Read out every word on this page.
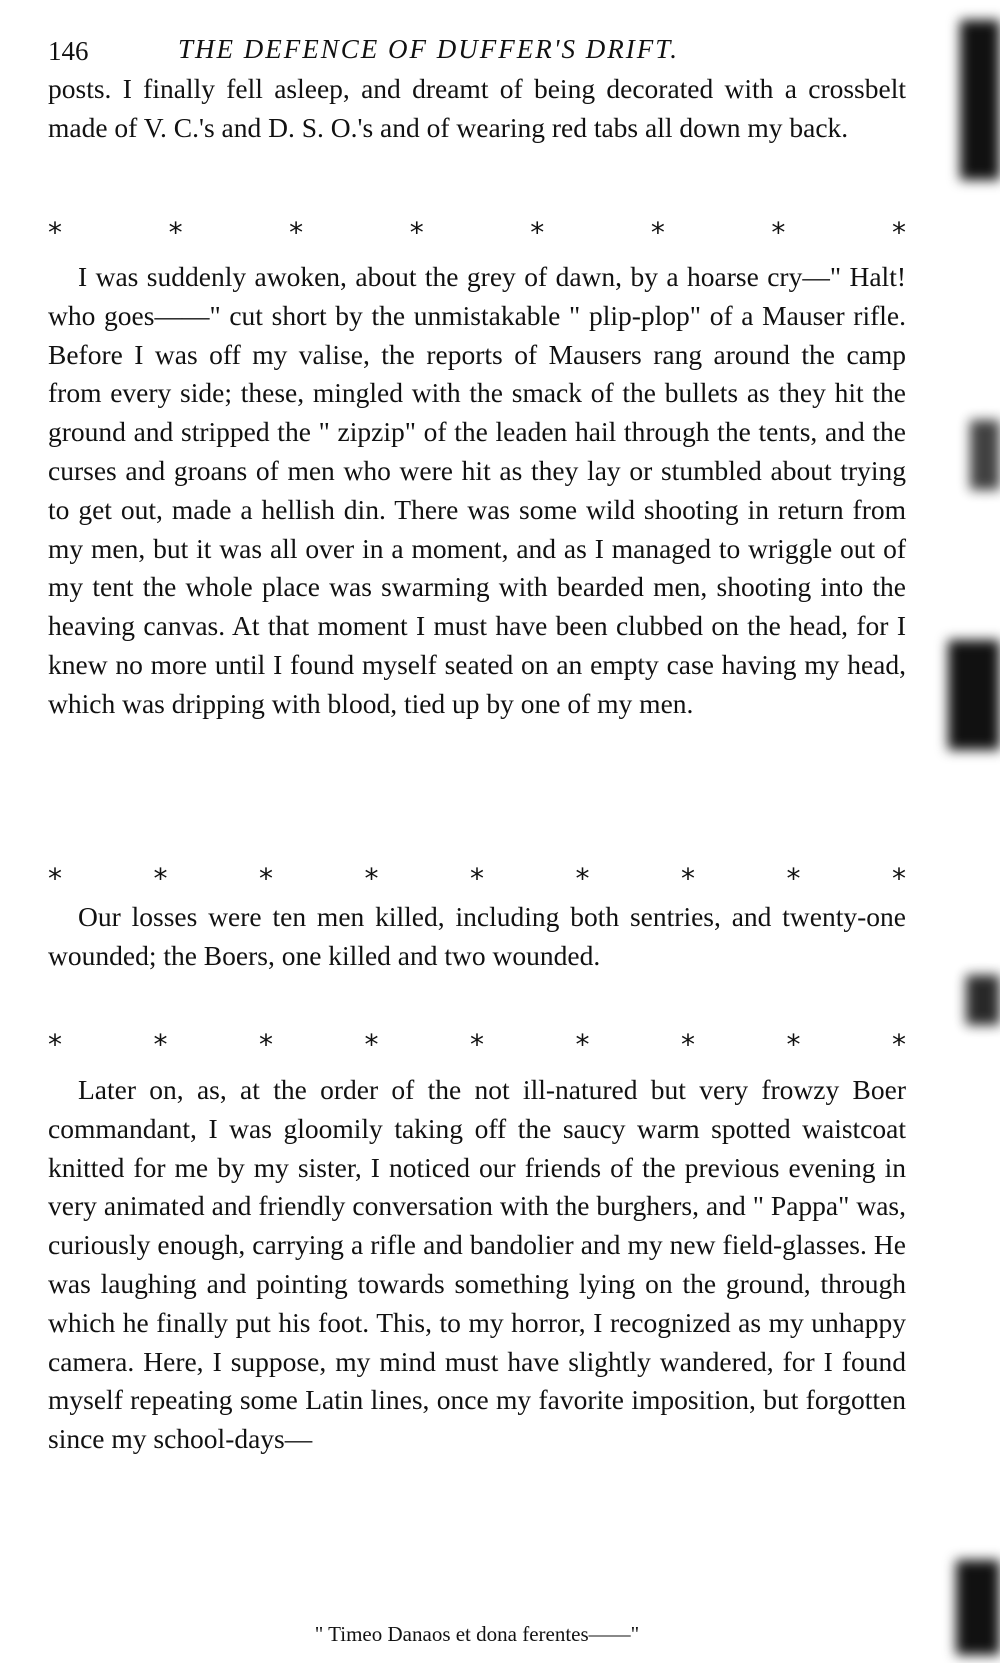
146	THE DEFENCE OF DUFFER'S DRIFT.

posts. I finally fell asleep, and dreamt of being decorated with a crossbelt made of V. C.'s and D. S. O.'s and of wearing red tabs all down my back.

*	*	*	*	*	*	*	*

I was suddenly awoken, about the grey of dawn, by a hoarse cry—" Halt! who goes——" cut short by the unmistakable " plip-plop" of a Mauser rifle. Before I was off my valise, the reports of Mausers rang around the camp from every side; these, mingled with the smack of the bullets as they hit the ground and stripped the " zipzip" of the leaden hail through the tents, and the curses and groans of men who were hit as they lay or stumbled about trying to get out, made a hellish din. There was some wild shooting in return from my men, but it was all over in a moment, and as I managed to wriggle out of my tent the whole place was swarming with bearded men, shooting into the heaving canvas. At that moment I must have been clubbed on the head, for I knew no more until I found myself seated on an empty case having my head, which was dripping with blood, tied up by one of my men.

*	*	*	*	*	*	*	*	*

Our losses were ten men killed, including both sentries, and twenty-one wounded; the Boers, one killed and two wounded.

*	*	*	*	*	*	*	*	*

Later on, as, at the order of the not ill-natured but very frowzy Boer commandant, I was gloomily taking off the saucy warm spotted waistcoat knitted for me by my sister, I noticed our friends of the previous evening in very animated and friendly conversation with the burghers, and " Pappa" was, curiously enough, carrying a rifle and bandolier and my new field-glasses. He was laughing and pointing towards something lying on the ground, through which he finally put his foot. This, to my horror, I recognized as my unhappy camera. Here, I suppose, my mind must have slightly wandered, for I found myself repeating some Latin lines, once my favorite imposition, but forgotten since my school-days—

" Timeo Danaos et dona ferentes——"
